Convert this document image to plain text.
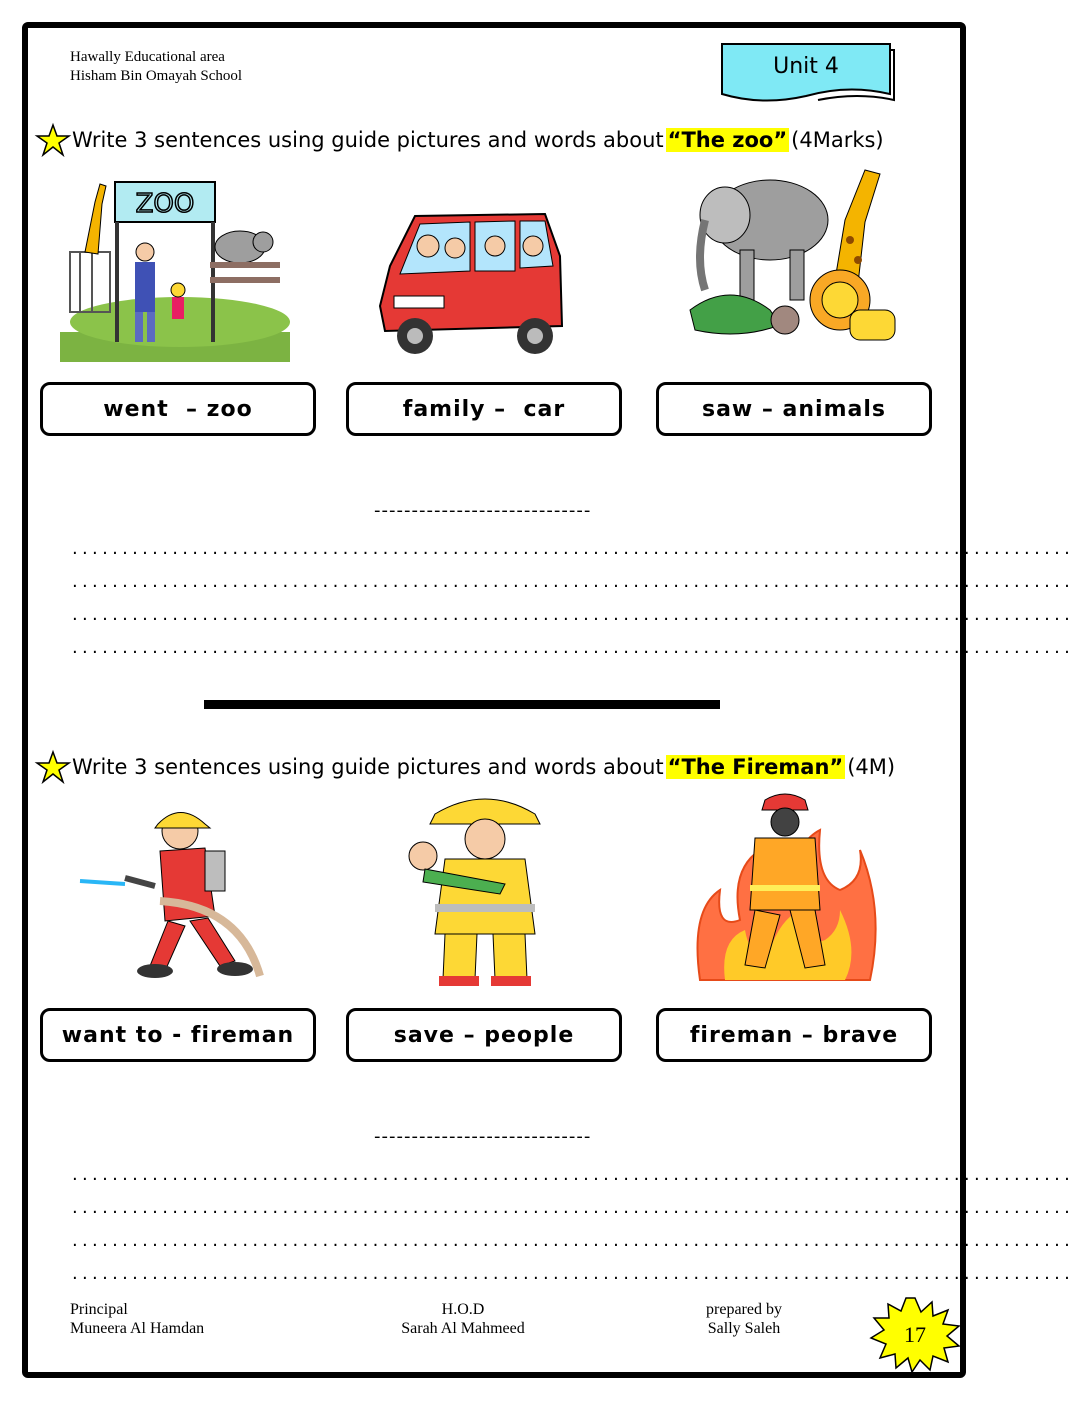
Hawally Educational area
Hisham Bin Omayah School	Unit 4
Write 3 sentences using guide pictures and words about “The zoo” (4Marks)
ZOO
went  – zoo	family –  car	saw – animals
-----------------------------
....................................................................................................
....................................................................................................
....................................................................................................
....................................................................................................
Write 3 sentences using guide pictures and words about “The Fireman” (4M)
want to - fireman	save – people	fireman – brave
-----------------------------
....................................................................................................
....................................................................................................
....................................................................................................
....................................................................................................
Principal
Muneera Al Hamdan
H.O.D
Sarah Al Mahmeed
prepared by
Sally Saleh	17
